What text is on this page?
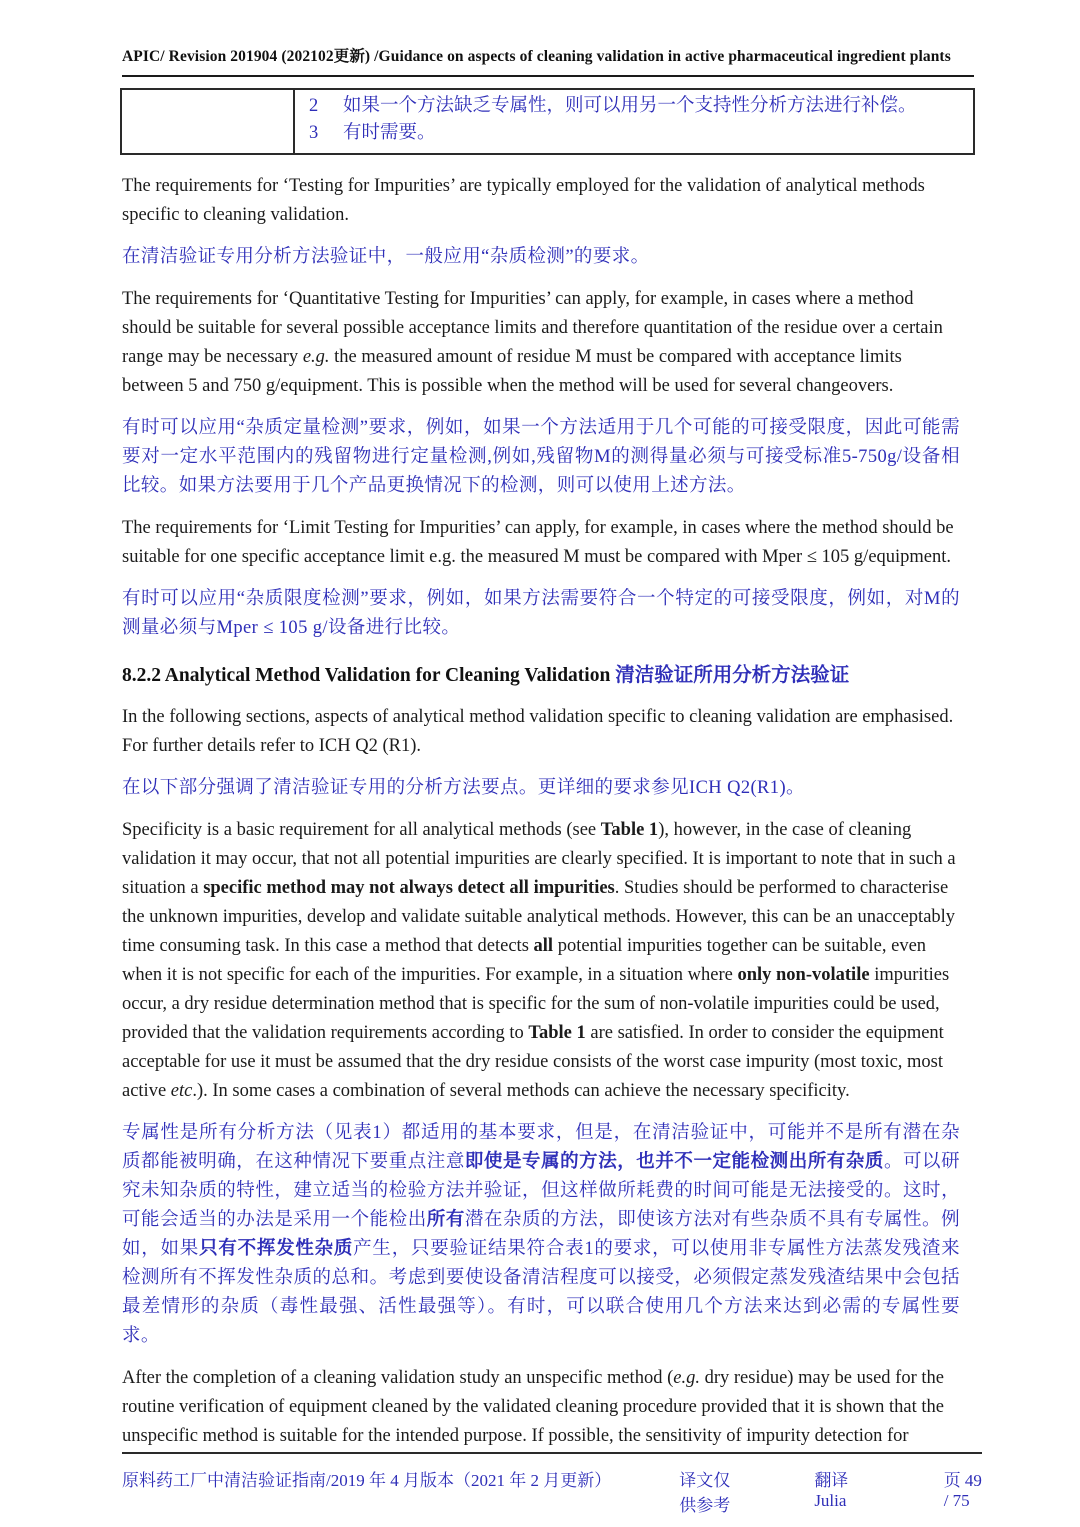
APIC/ Revision 201904 (202102更新) /Guidance on aspects of cleaning validation in active pharmaceutical ingredient plants
2	如果一个方法缺乏专属性，则可以用另一个支持性分析方法进行补偿。
3	有时需要。
The requirements for ‘Testing for Impurities’ are typically employed for the validation of analytical methods specific to cleaning validation.
在清洁验证专用分析方法验证中，一般应用“杂质检测”的要求。
The requirements for ‘Quantitative Testing for Impurities’ can apply, for example, in cases where a method should be suitable for several possible acceptance limits and therefore quantitation of the residue over a certain range may be necessary e.g. the measured amount of residue M must be compared with acceptance limits between 5 and 750 g/equipment. This is possible when the method will be used for several changeovers.
有时可以应用“杂质定量检测”要求，例如，如果一个方法适用于几个可能的可接受限度，因此可能需要对一定水平范围内的残留物进行定量检测,例如,残留物M的测得量必须与可接受标准5-750g/设备相比较。如果方法要用于几个产品更换情况下的检测，则可以使用上述方法。
The requirements for ‘Limit Testing for Impurities’ can apply, for example, in cases where the method should be suitable for one specific acceptance limit e.g. the measured M must be compared with Mper ≤ 105 g/equipment.
有时可以应用“杂质限度检测”要求，例如，如果方法需要符合一个特定的可接受限度，例如，对M的测量必须与Mper ≤ 105 g/设备进行比较。
8.2.2 Analytical Method Validation for Cleaning Validation 清洁验证所用分析方法验证
In the following sections, aspects of analytical method validation specific to cleaning validation are emphasised. For further details refer to ICH Q2 (R1).
在以下部分强调了清洁验证专用的分析方法要点。更详细的要求参见ICH Q2(R1)。
Specificity is a basic requirement for all analytical methods (see Table 1), however, in the case of cleaning validation it may occur, that not all potential impurities are clearly specified. It is important to note that in such a situation a specific method may not always detect all impurities. Studies should be performed to characterise the unknown impurities, develop and validate suitable analytical methods. However, this can be an unacceptably time consuming task. In this case a method that detects all potential impurities together can be suitable, even when it is not specific for each of the impurities. For example, in a situation where only non-volatile impurities occur, a dry residue determination method that is specific for the sum of non-volatile impurities could be used, provided that the validation requirements according to Table 1 are satisfied. In order to consider the equipment acceptable for use it must be assumed that the dry residue consists of the worst case impurity (most toxic, most active etc.). In some cases a combination of several methods can achieve the necessary specificity.
专属性是所有分析方法（见表1）都适用的基本要求，但是，在清洁验证中，可能并不是所有潜在杂质都能被明确，在这种情况下要重点注意即使是专属的方法，也并不一定能检测出所有杂质。可以研究未知杂质的特性，建立适当的检验方法并验证，但这样做所耗费的时间可能是无法接受的。这时，可能会适当的办法是采用一个能检出所有潜在杂质的方法，即使该方法对有些杂质不具有专属性。例如，如果只有不挥发性杂质产生，只要验证结果符合表1的要求，可以使用非专属性方法蒸发残渣来检测所有不挥发性杂质的总和。考虑到要使设备清洁程度可以接受，必须假定蒸发残渣结果中会包括最差情形的杂质（毒性最强、活性最强等）。有时，可以联合使用几个方法来达到必需的专属性要求。
After the completion of a cleaning validation study an unspecific method (e.g. dry residue) may be used for the routine verification of equipment cleaned by the validated cleaning procedure provided that it is shown that the unspecific method is suitable for the intended purpose. If possible, the sensitivity of impurity detection for
原料药工厂中清洁验证指南/2019 年 4 月版本（2021 年 2 月更新）	译文仅供参考
翻译 Julia
页 49 / 75
